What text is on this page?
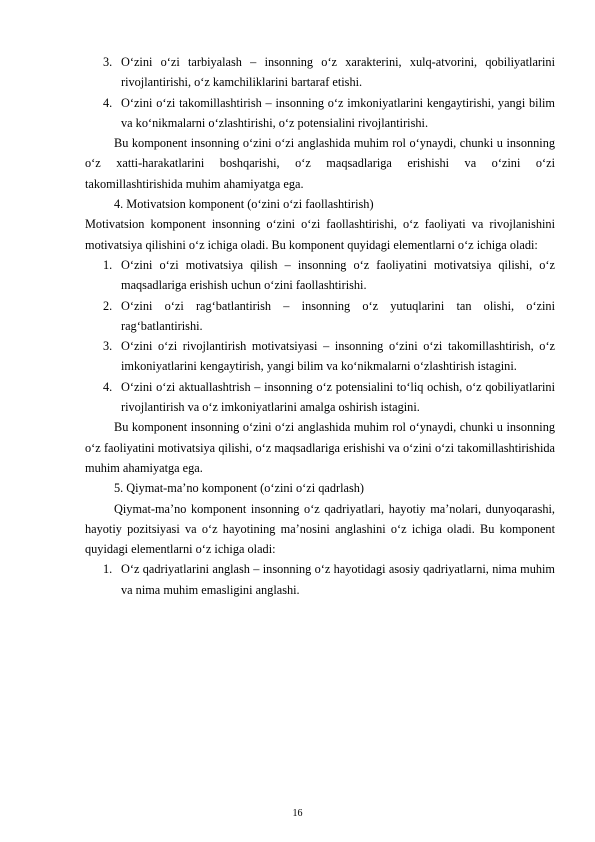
3. O‘zini o‘zi tarbiyalash – insonning o‘z xarakterini, xulq-atvorini, qobiliyatlarini rivojlantirishi, o‘z kamchiliklarini bartaraf etishi.
4. O‘zini o‘zi takomillashtirish – insonning o‘z imkoniyatlarini kengaytirishi, yangi bilim va ko‘nikmalarni o‘zlashtirishi, o‘z potensialini rivojlantirishi.
Bu komponent insonning o‘zini o‘zi anglashida muhim rol o‘ynaydi, chunki u insonning o‘z xatti-harakatlarini boshqarishi, o‘z maqsadlariga erishishi va o‘zini o‘zi takomillashtirishida muhim ahamiyatga ega.
4. Motivatsion komponent (o‘zini o‘zi faollashtirish)
Motivatsion komponent insonning o‘zini o‘zi faollashtirishi, o‘z faoliyati va rivojlanishini motivatsiya qilishini o‘z ichiga oladi. Bu komponent quyidagi elementlarni o‘z ichiga oladi:
1. O‘zini o‘zi motivatsiya qilish – insonning o‘z faoliyatini motivatsiya qilishi, o‘z maqsadlariga erishish uchun o‘zini faollashtirishi.
2. O‘zini o‘zi rag‘batlantirish – insonning o‘z yutuqlarini tan olishi, o‘zini rag‘batlantirishi.
3. O‘zini o‘zi rivojlantirish motivatsiyasi – insonning o‘zini o‘zi takomillashtirish, o‘z imkoniyatlarini kengaytirish, yangi bilim va ko‘nikmalarni o‘zlashtirish istagini.
4. O‘zini o‘zi aktuallashtrish – insonning o‘z potensialini to‘liq ochish, o‘z qobiliyatlarini rivojlantirish va o‘z imkoniyatlarini amalga oshirish istagini.
Bu komponent insonning o‘zini o‘zi anglashida muhim rol o‘ynaydi, chunki u insonning o‘z faoliyatini motivatsiya qilishi, o‘z maqsadlariga erishishi va o‘zini o‘zi takomillashtirishida muhim ahamiyatga ega.
5. Qiymat-ma’no komponent (o‘zini o‘zi qadrlash)
Qiymat-ma’no komponent insonning o‘z qadriyatlari, hayotiy ma’nolari, dunyoqarashi, hayotiy pozitsiyasi va o‘z hayotining ma’nosini anglashini o‘z ichiga oladi. Bu komponent quyidagi elementlarni o‘z ichiga oladi:
1. O‘z qadriyatlarini anglash – insonning o‘z hayotidagi asosiy qadriyatlarni, nima muhim va nima muhim emasligini anglashi.
16
